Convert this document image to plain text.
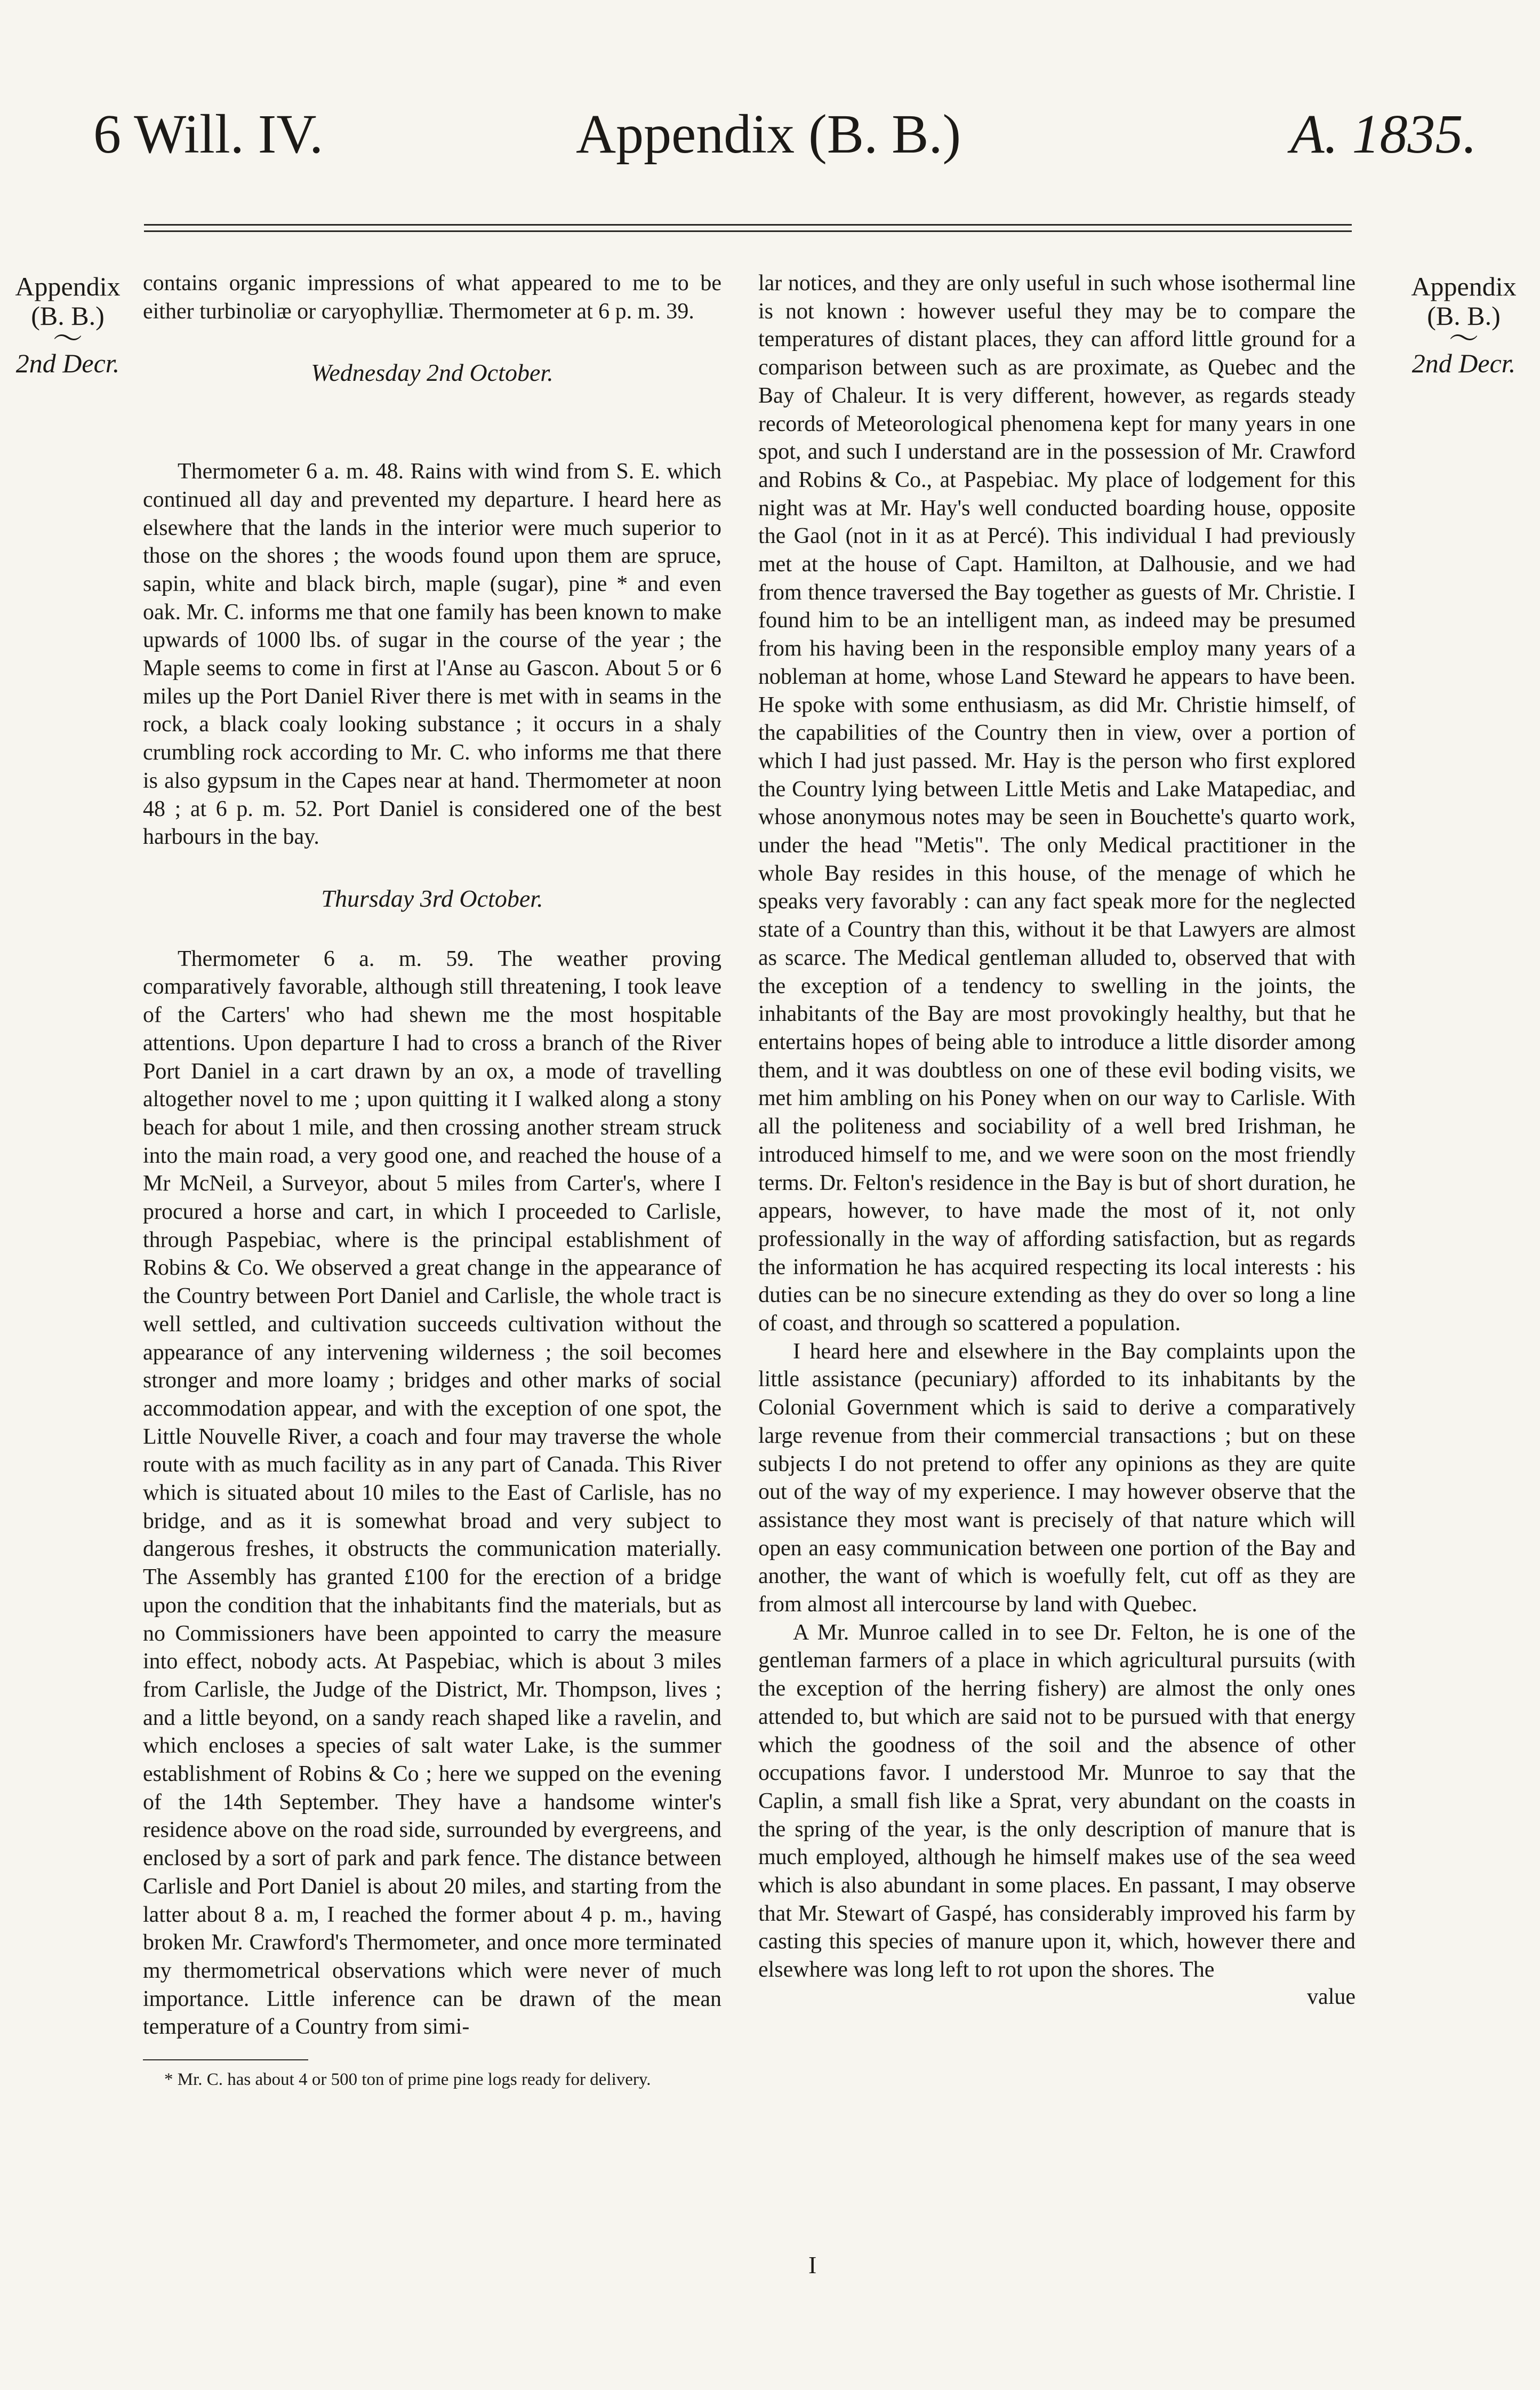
6 Will. IV.	Appendix (B. B.)	A. 1835.
Appendix
(B. B.)
〜
2nd Decr.
Appendix
(B. B.)
〜
2nd Decr.

contains organic impressions of what appeared to me to be either turbinoliæ or caryophylliæ. Thermometer at 6 p. m. 39.

Wednesday 2nd October.

Thermometer 6 a. m. 48. Rains with wind from S. E. which continued all day and prevented my departure. I heard here as elsewhere that the lands in the interior were much superior to those on the shores ; the woods found upon them are spruce, sapin, white and black birch, maple (sugar), pine * and even oak. Mr. C. informs me that one family has been known to make upwards of 1000 lbs. of sugar in the course of the year ; the Maple seems to come in first at l'Anse au Gascon. About 5 or 6 miles up the Port Daniel River there is met with in seams in the rock, a black coaly looking substance ; it occurs in a shaly crumbling rock according to Mr. C. who informs me that there is also gypsum in the Capes near at hand. Thermometer at noon 48 ; at 6 p. m. 52. Port Daniel is considered one of the best harbours in the bay.

Thursday 3rd October.

Thermometer 6 a. m. 59. The weather proving comparatively favorable, although still threatening, I took leave of the Carters' who had shewn me the most hospitable attentions. Upon departure I had to cross a branch of the River Port Daniel in a cart drawn by an ox, a mode of travelling altogether novel to me ; upon quitting it I walked along a stony beach for about 1 mile, and then crossing another stream struck into the main road, a very good one, and reached the house of a Mr McNeil, a Surveyor, about 5 miles from Carter's, where I procured a horse and cart, in which I proceeded to Carlisle, through Paspebiac, where is the principal establishment of Robins & Co. We observed a great change in the appearance of the Country between Port Daniel and Carlisle, the whole tract is well settled, and cultivation succeeds cultivation without the appearance of any intervening wilderness ; the soil becomes stronger and more loamy ; bridges and other marks of social accommodation appear, and with the exception of one spot, the Little Nouvelle River, a coach and four may traverse the whole route with as much facility as in any part of Canada. This River which is situated about 10 miles to the East of Carlisle, has no bridge, and as it is somewhat broad and very subject to dangerous freshes, it obstructs the communication materially. The Assembly has granted £100 for the erection of a bridge upon the condition that the inhabitants find the materials, but as no Commissioners have been appointed to carry the measure into effect, nobody acts. At Paspebiac, which is about 3 miles from Carlisle, the Judge of the District, Mr. Thompson, lives ; and a little beyond, on a sandy reach shaped like a ravelin, and which encloses a species of salt water Lake, is the summer establishment of Robins & Co ; here we supped on the evening of the 14th September. They have a handsome winter's residence above on the road side, surrounded by evergreens, and enclosed by a sort of park and park fence. The distance between Carlisle and Port Daniel is about 20 miles, and starting from the latter about 8 a. m, I reached the former about 4 p. m., having broken Mr. Crawford's Thermometer, and once more terminated my thermometrical observations which were never of much importance. Little inference can be drawn of the mean temperature of a Country from simi-

* Mr. C. has about 4 or 500 ton of prime pine logs ready for delivery.

lar notices, and they are only useful in such whose isothermal line is not known : however useful they may be to compare the temperatures of distant places, they can afford little ground for a comparison between such as are proximate, as Quebec and the Bay of Chaleur. It is very different, however, as regards steady records of Meteorological phenomena kept for many years in one spot, and such I understand are in the possession of Mr. Crawford and Robins & Co., at Paspebiac. My place of lodgement for this night was at Mr. Hay's well conducted boarding house, opposite the Gaol (not in it as at Percé). This individual I had previously met at the house of Capt. Hamilton, at Dalhousie, and we had from thence traversed the Bay together as guests of Mr. Christie. I found him to be an intelligent man, as indeed may be presumed from his having been in the responsible employ many years of a nobleman at home, whose Land Steward he appears to have been. He spoke with some enthusiasm, as did Mr. Christie himself, of the capabilities of the Country then in view, over a portion of which I had just passed. Mr. Hay is the person who first explored the Country lying between Little Metis and Lake Matapediac, and whose anonymous notes may be seen in Bouchette's quarto work, under the head "Metis". The only Medical practitioner in the whole Bay resides in this house, of the menage of which he speaks very favorably : can any fact speak more for the neglected state of a Country than this, without it be that Lawyers are almost as scarce. The Medical gentleman alluded to, observed that with the exception of a tendency to swelling in the joints, the inhabitants of the Bay are most provokingly healthy, but that he entertains hopes of being able to introduce a little disorder among them, and it was doubtless on one of these evil boding visits, we met him ambling on his Poney when on our way to Carlisle. With all the politeness and sociability of a well bred Irishman, he introduced himself to me, and we were soon on the most friendly terms. Dr. Felton's residence in the Bay is but of short duration, he appears, however, to have made the most of it, not only professionally in the way of affording satisfaction, but as regards the information he has acquired respecting its local interests : his duties can be no sinecure extending as they do over so long a line of coast, and through so scattered a population.

I heard here and elsewhere in the Bay complaints upon the little assistance (pecuniary) afforded to its inhabitants by the Colonial Government which is said to derive a comparatively large revenue from their commercial transactions ; but on these subjects I do not pretend to offer any opinions as they are quite out of the way of my experience. I may however observe that the assistance they most want is precisely of that nature which will open an easy communication between one portion of the Bay and another, the want of which is woefully felt, cut off as they are from almost all intercourse by land with Quebec.

A Mr. Munroe called in to see Dr. Felton, he is one of the gentleman farmers of a place in which agricultural pursuits (with the exception of the herring fishery) are almost the only ones attended to, but which are said not to be pursued with that energy which the goodness of the soil and the absence of other occupations favor. I understood Mr. Munroe to say that the Caplin, a small fish like a Sprat, very abundant on the coasts in the spring of the year, is the only description of manure that is much employed, although he himself makes use of the sea weed which is also abundant in some places. En passant, I may observe that Mr. Stewart of Gaspé, has considerably improved his farm by casting this species of manure upon it, which, however there and elsewhere was long left to rot upon the shores. The

value
I
